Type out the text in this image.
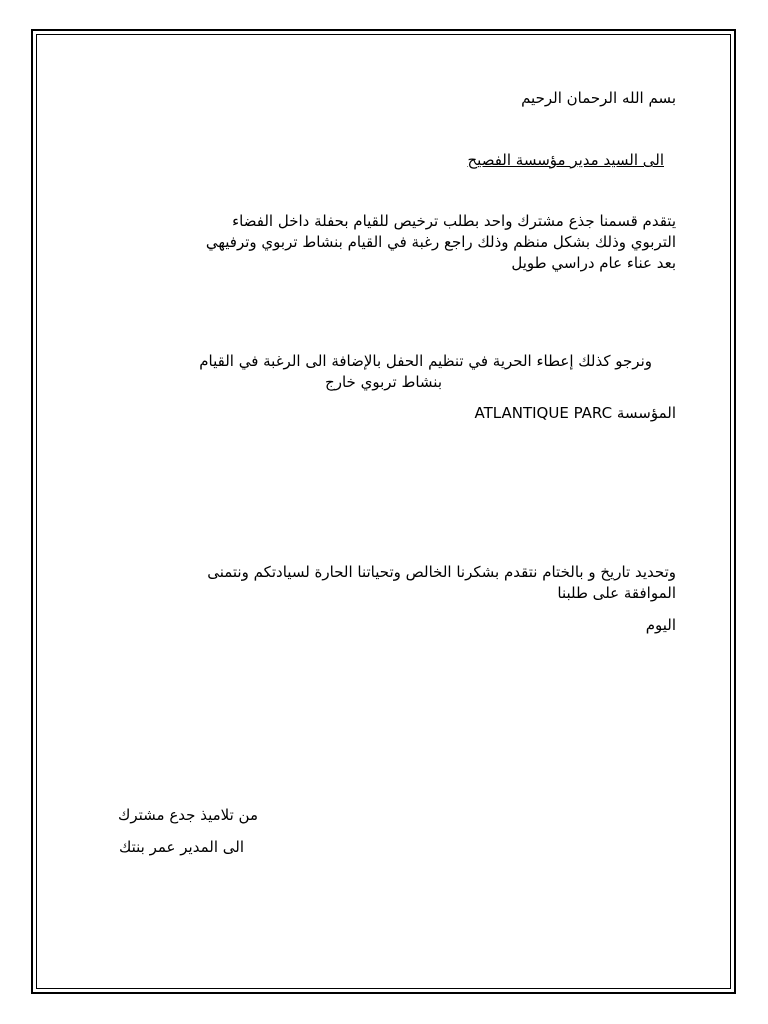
بسم الله الرحمان الرحيم
الى السيد مدير مؤسسة الفصيح
يتقدم قسمنا جذع مشترك واحد بطلب ترخيص للقيام بحفلة داخل الفضاء
التربوي وذلك بشكل منظم وذلك راجع رغبة في القيام بنشاط تربوي وترفيهي
بعد عناء عام دراسي طويل
ونرجو كذلك إعطاء الحرية في تنظيم الحفل بالإضافة الى الرغبة في القيام
بنشاط تربوي خارج
المؤسسة ATLANTIQUE PARC
وتحديد تاريخ و بالختام نتقدم بشكرنا الخالص وتحياتنا الحارة لسيادتكم ونتمنى
الموافقة على طلبنا
اليوم
من تلاميذ جدع مشترك
الى المدير عمر بنتك
